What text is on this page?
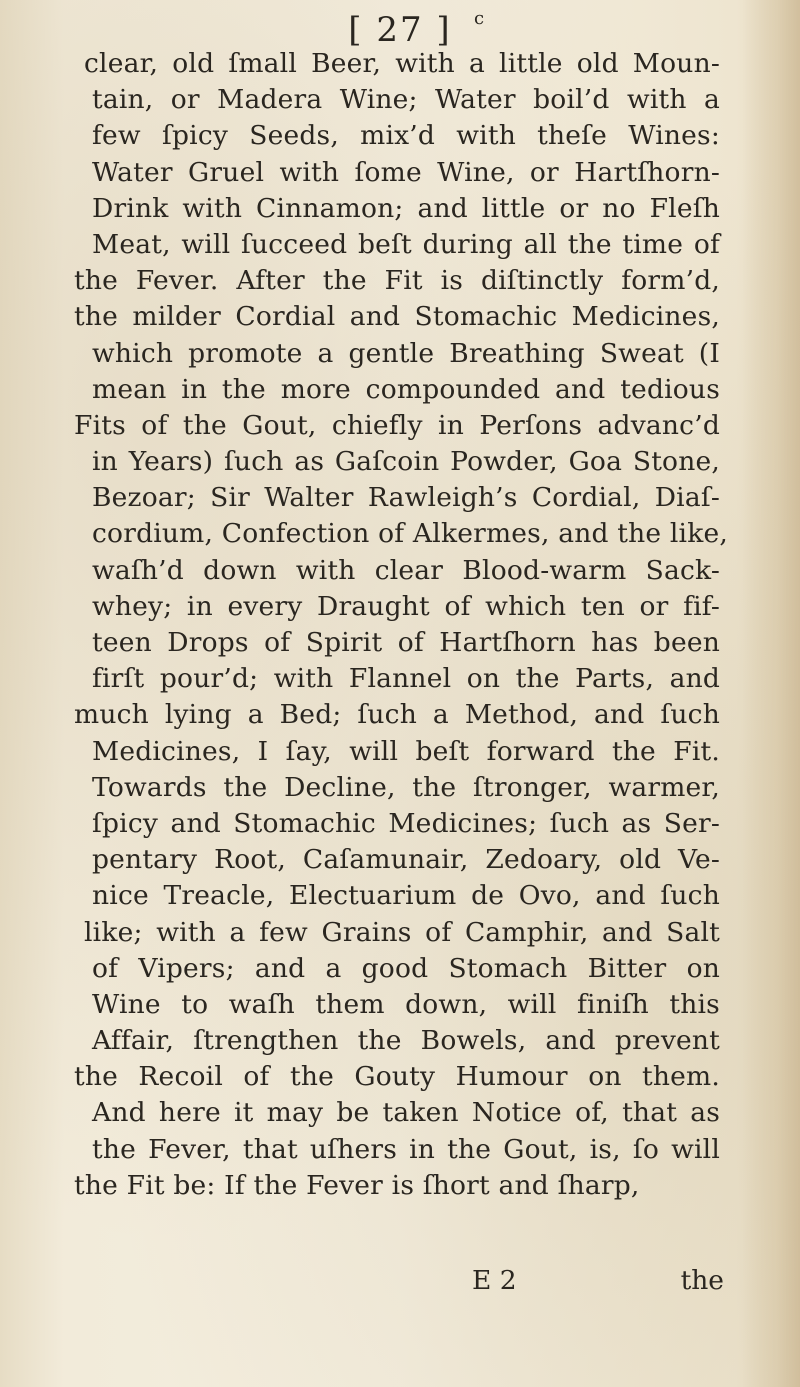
c
[ 27 ]
clear, old ſmall Beer, with a little old Moun-
tain, or Madera Wine; Water boil’d with a
few ſpicy Seeds, mix’d with theſe Wines:
Water Gruel with ſome Wine, or Hartſhorn-
Drink with Cinnamon; and little or no Fleſh
Meat, will ſucceed beſt during all the time of
the Fever. After the Fit is diſtinctly form’d,
the milder Cordial and Stomachic Medicines,
which promote a gentle Breathing Sweat (I
mean in the more compounded and tedious
Fits of the Gout, chiefly in Perſons advanc’d
in Years) ſuch as Gaſcoin Powder, Goa Stone,
Bezoar; Sir Walter Rawleigh’s Cordial, Diaſ-
cordium, Confection of Alkermes, and the like,
waſh’d down with clear Blood-warm Sack-
whey; in every Draught of which ten or fif-
teen Drops of Spirit of Hartſhorn has been
firſt pour’d; with Flannel on the Parts, and
much lying a Bed; ſuch a Method, and ſuch
Medicines, I ſay, will beſt forward the Fit.
Towards the Decline, the ſtronger, warmer,
ſpicy and Stomachic Medicines; ſuch as Ser-
pentary Root, Caſamunair, Zedoary, old Ve-
nice Treacle, Electuarium de Ovo, and ſuch
like; with a few Grains of Camphir, and Salt
of Vipers; and a good Stomach Bitter on
Wine to waſh them down, will finiſh this
Affair, ſtrengthen the Bowels, and prevent
the Recoil of the Gouty Humour on them.
And here it may be taken Notice of, that as
the Fever, that uſhers in the Gout, is, ſo will
the Fit be: If the Fever is ſhort and ſharp,
E 2	the
